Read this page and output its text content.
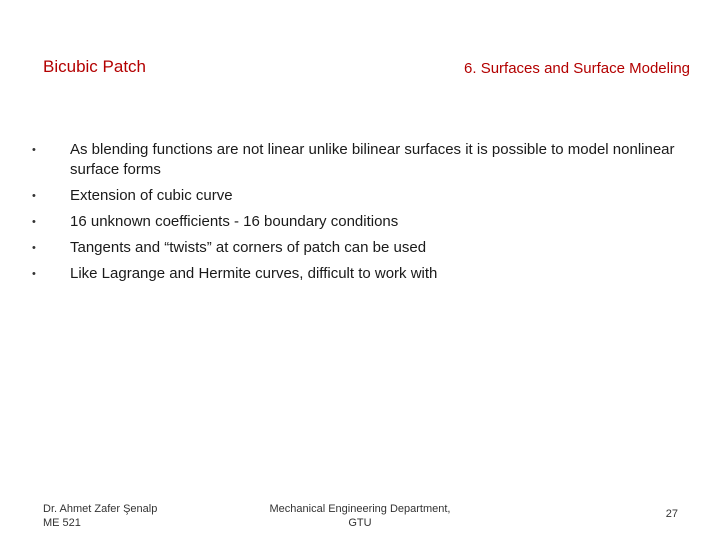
Bicubic Patch	6. Surfaces and Surface Modeling
•	As blending functions are not linear unlike bilinear surfaces it is possible to model nonlinear surface forms
•	Extension of cubic curve
•	16 unknown coefficients - 16 boundary conditions
•	Tangents and “twists” at corners of patch can be used
•	Like Lagrange and Hermite curves, difficult to work with
Dr. Ahmet Zafer Şenalp
ME 521
Mechanical Engineering Department,
GTU
27
